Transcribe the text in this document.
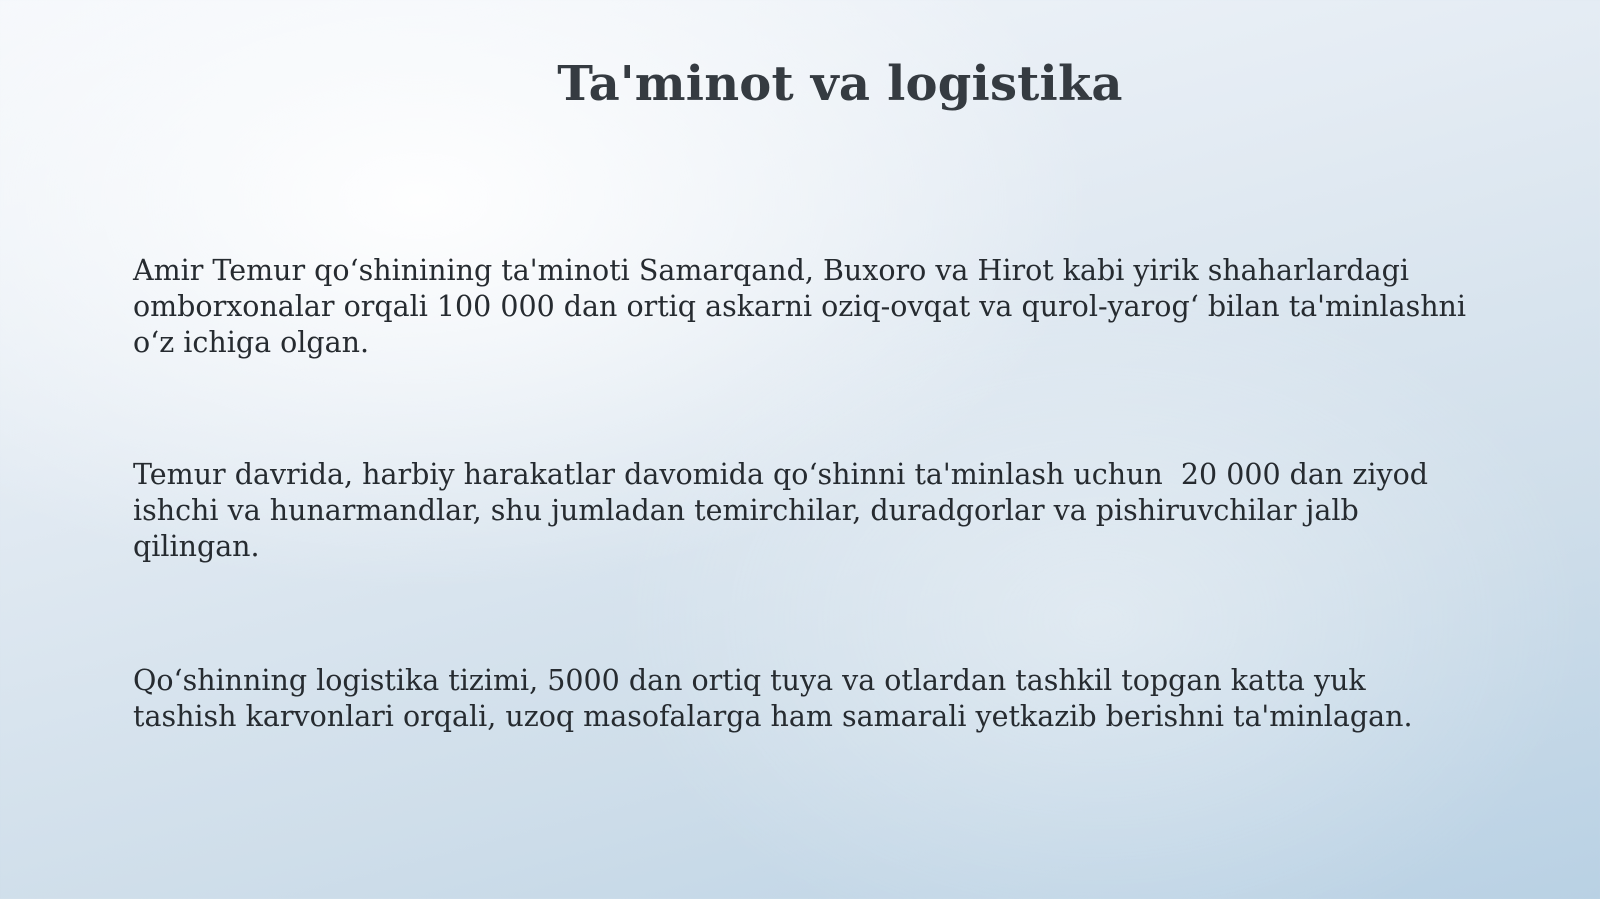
Ta'minot va logistika

Amir Temur qo‘shinining ta'minoti Samarqand, Buxoro va Hirot kabi yirik shaharlardagi omborxonalar orqali 100 000 dan ortiq askarni oziq-ovqat va qurol-yarog‘ bilan ta'minlashni o‘z ichiga olgan.

Temur davrida, harbiy harakatlar davomida qo‘shinni ta'minlash uchun  20 000 dan ziyod ishchi va hunarmandlar, shu jumladan temirchilar, duradgorlar va pishiruvchilar jalb qilingan.

Qo‘shinning logistika tizimi, 5000 dan ortiq tuya va otlardan tashkil topgan katta yuk tashish karvonlari orqali, uzoq masofalarga ham samarali yetkazib berishni ta'minlagan.
